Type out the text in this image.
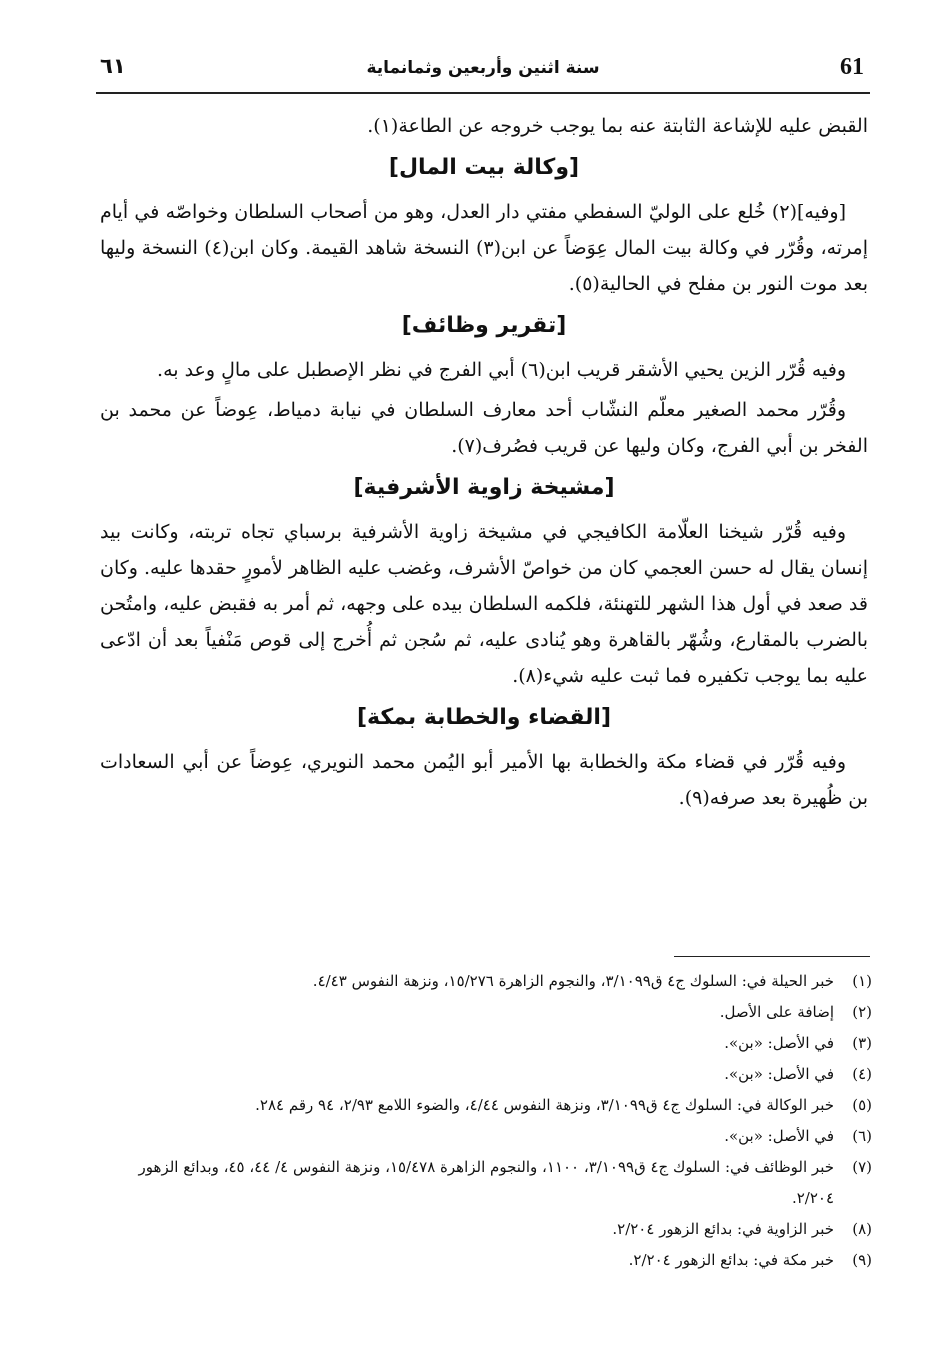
61
سنة اثنين وأربعين وثمانماية
٦١

القبض عليه للإشاعة الثابتة عنه بما يوجب خروجه عن الطاعة(١).

[وكالة بيت المال]

[وفيه](٢) خُلع على الوليّ السفطي مفتي دار العدل، وهو من أصحاب السلطان وخواصّه في أيام إمرته، وقُرّر في وكالة بيت المال عِوَضاً عن ابن(٣) النسخة شاهد القيمة. وكان ابن(٤) النسخة وليها بعد موت النور بن مفلح في الحالية(٥).

[تقرير وظائف]

وفيه قُرّر الزين يحيي الأشقر قريب ابن(٦) أبي الفرج في نظر الإصطبل على مالٍ وعد به.

وقُرّر محمد الصغير معلّم النشّاب أحد معارف السلطان في نيابة دمياط، عِوضاً عن محمد بن الفخر بن أبي الفرج، وكان وليها عن قريب فصُرف(٧).

[مشيخة زاوية الأشرفية]

وفيه قُرّر شيخنا العلّامة الكافيجي في مشيخة زاوية الأشرفية برسباي تجاه تربته، وكانت بيد إنسان يقال له حسن العجمي كان من خواصّ الأشرف، وغضب عليه الظاهر لأمورٍ حقدها عليه. وكان قد صعد في أول هذا الشهر للتهنئة، فلكمه السلطان بيده على وجهه، ثم أمر به فقبض عليه، وامتُحن بالضرب بالمقارع، وشُهّر بالقاهرة وهو يُنادى عليه، ثم سُجن ثم أُخرج إلى قوص مَنْفياً بعد أن ادّعى عليه بما يوجب تكفيره فما ثبت عليه شيء(٨).

[القضاء والخطابة بمكة]

وفيه قُرّر في قضاء مكة والخطابة بها الأمير أبو اليُمن محمد النويري، عِوضاً عن أبي السعادات بن ظُهيرة بعد صرفه(٩).

(١)
خبر الحيلة في: السلوك ج٤ ق٣/١٠٩٩، والنجوم الزاهرة ١٥/٢٧٦، ونزهة النفوس ٤/٤٣.
(٢)
إضافة على الأصل.
(٣)
في الأصل: «بن».
(٤)
في الأصل: «بن».
(٥)
خبر الوكالة في: السلوك ج٤ ق٣/١٠٩٩، ونزهة النفوس ٤/٤٤، والضوء اللامع ٢/٩٣، ٩٤ رقم ٢٨٤.
(٦)
في الأصل: «بن».
(٧)
خبر الوظائف في: السلوك ج٤ ق٣/١٠٩٩، ١١٠٠، والنجوم الزاهرة ١٥/٤٧٨، ونزهة النفوس ٤/ ٤٤، ٤٥، وبدائع الزهور ٢/٢٠٤.
(٨)
خبر الزاوية في: بدائع الزهور ٢/٢٠٤.
(٩)
خبر مكة في: بدائع الزهور ٢/٢٠٤.
